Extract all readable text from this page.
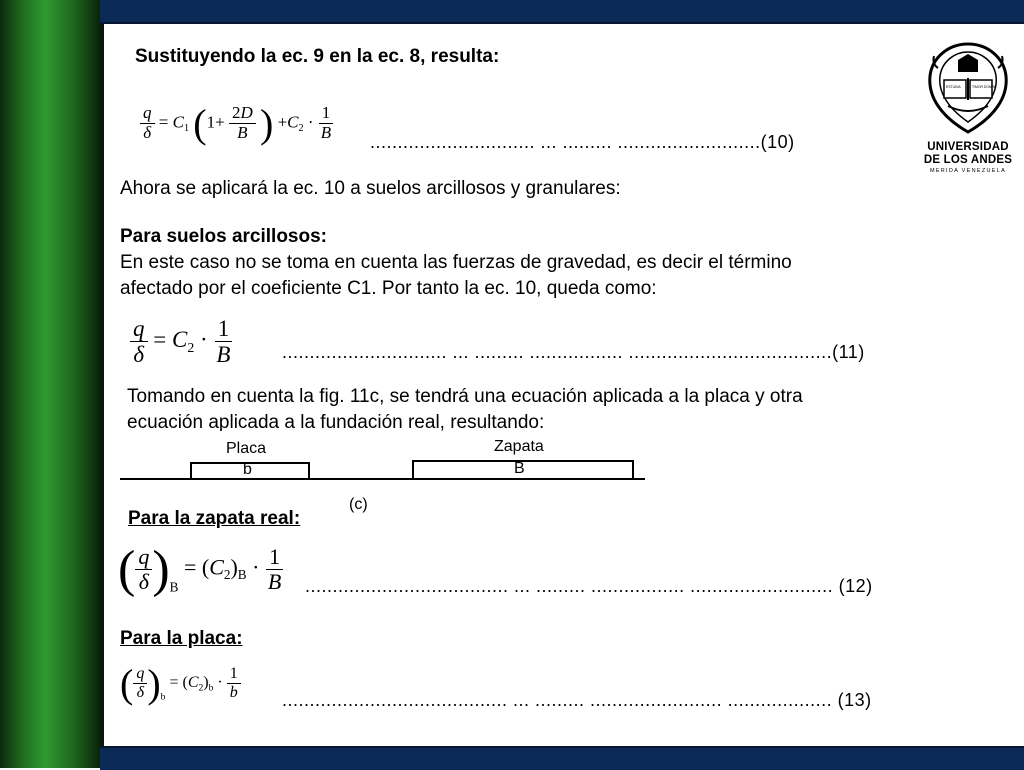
Sustituyendo la ec. 9 en la ec. 8, resulta:

$\frac{q}{\delta} = C_1$ ($1+ \frac{2D}{B}$ ) $+C_2 \cdot \frac{1}{B}$ .............................. ... ......... ..........................(10)

ESTUDIA	TIMOR DOMINI
UNIVERSIDAD
DE LOS ANDES
MERIDA VENEZUELA

Ahora se aplicará la ec. 10 a suelos arcillosos y granulares:

Para suelos arcillosos:

En este caso no se toma en cuenta las fuerzas de gravedad, es decir el término

afectado por el coeficiente C1. Por tanto la ec. 10, queda como:

$\frac{q}{\delta} = C_2 \cdot \frac{1}{B}$	.............................. ... ......... ................. .....................................(11)

Tomando en cuenta la fig. 11c, se tendrá una ecuación aplicada a la placa y otra

ecuación aplicada a la fundación real, resultando:

Placa

b

Zapata

B

(c)

Para la zapata real:

( $\frac{q}{\delta} )_B = (C_2)_B \cdot \frac{1}{B}$ ..................................... ... ......... ................. .......................... (12)

Para la placa:

( $\frac{q}{\delta} )_b = (C_2)_b \cdot \frac{1}{b}$ ......................................... ... ......... ........................ ................... (13)
